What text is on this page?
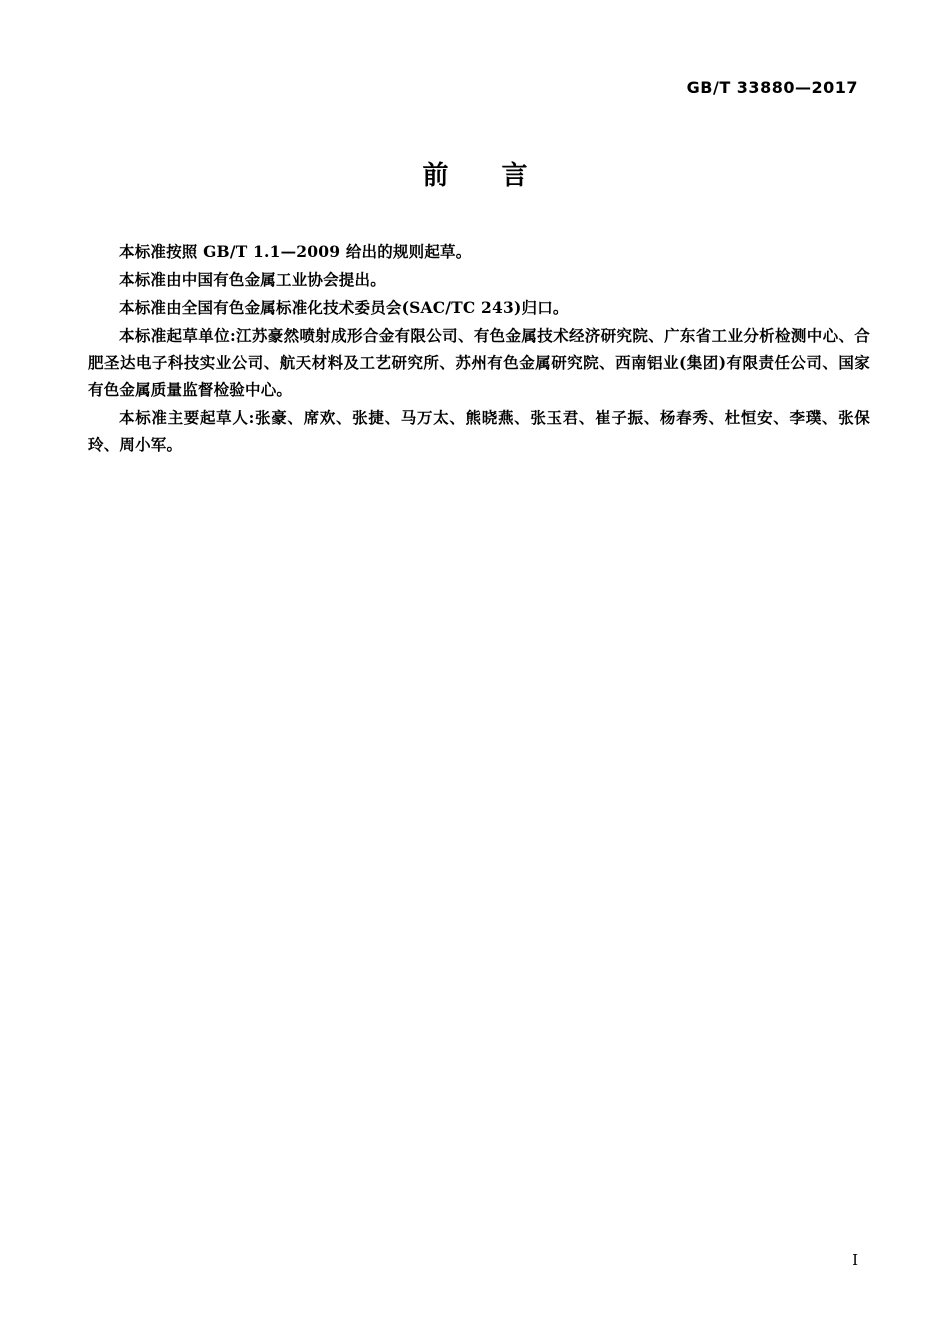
GB/T 33880—2017
前 言

本标准按照 GB/T 1.1—2009 给出的规则起草。

本标准由中国有色金属工业协会提出。

本标准由全国有色金属标准化技术委员会(SAC/TC 243)归口。

本标准起草单位:江苏豪然喷射成形合金有限公司、有色金属技术经济研究院、广东省工业分析检测中心、合肥圣达电子科技实业公司、航天材料及工艺研究所、苏州有色金属研究院、西南铝业(集团)有限责任公司、国家有色金属质量监督检验中心。

本标准主要起草人:张豪、席欢、张捷、马万太、熊晓燕、张玉君、崔子振、杨春秀、杜恒安、李璞、张保玲、周小军。

I
